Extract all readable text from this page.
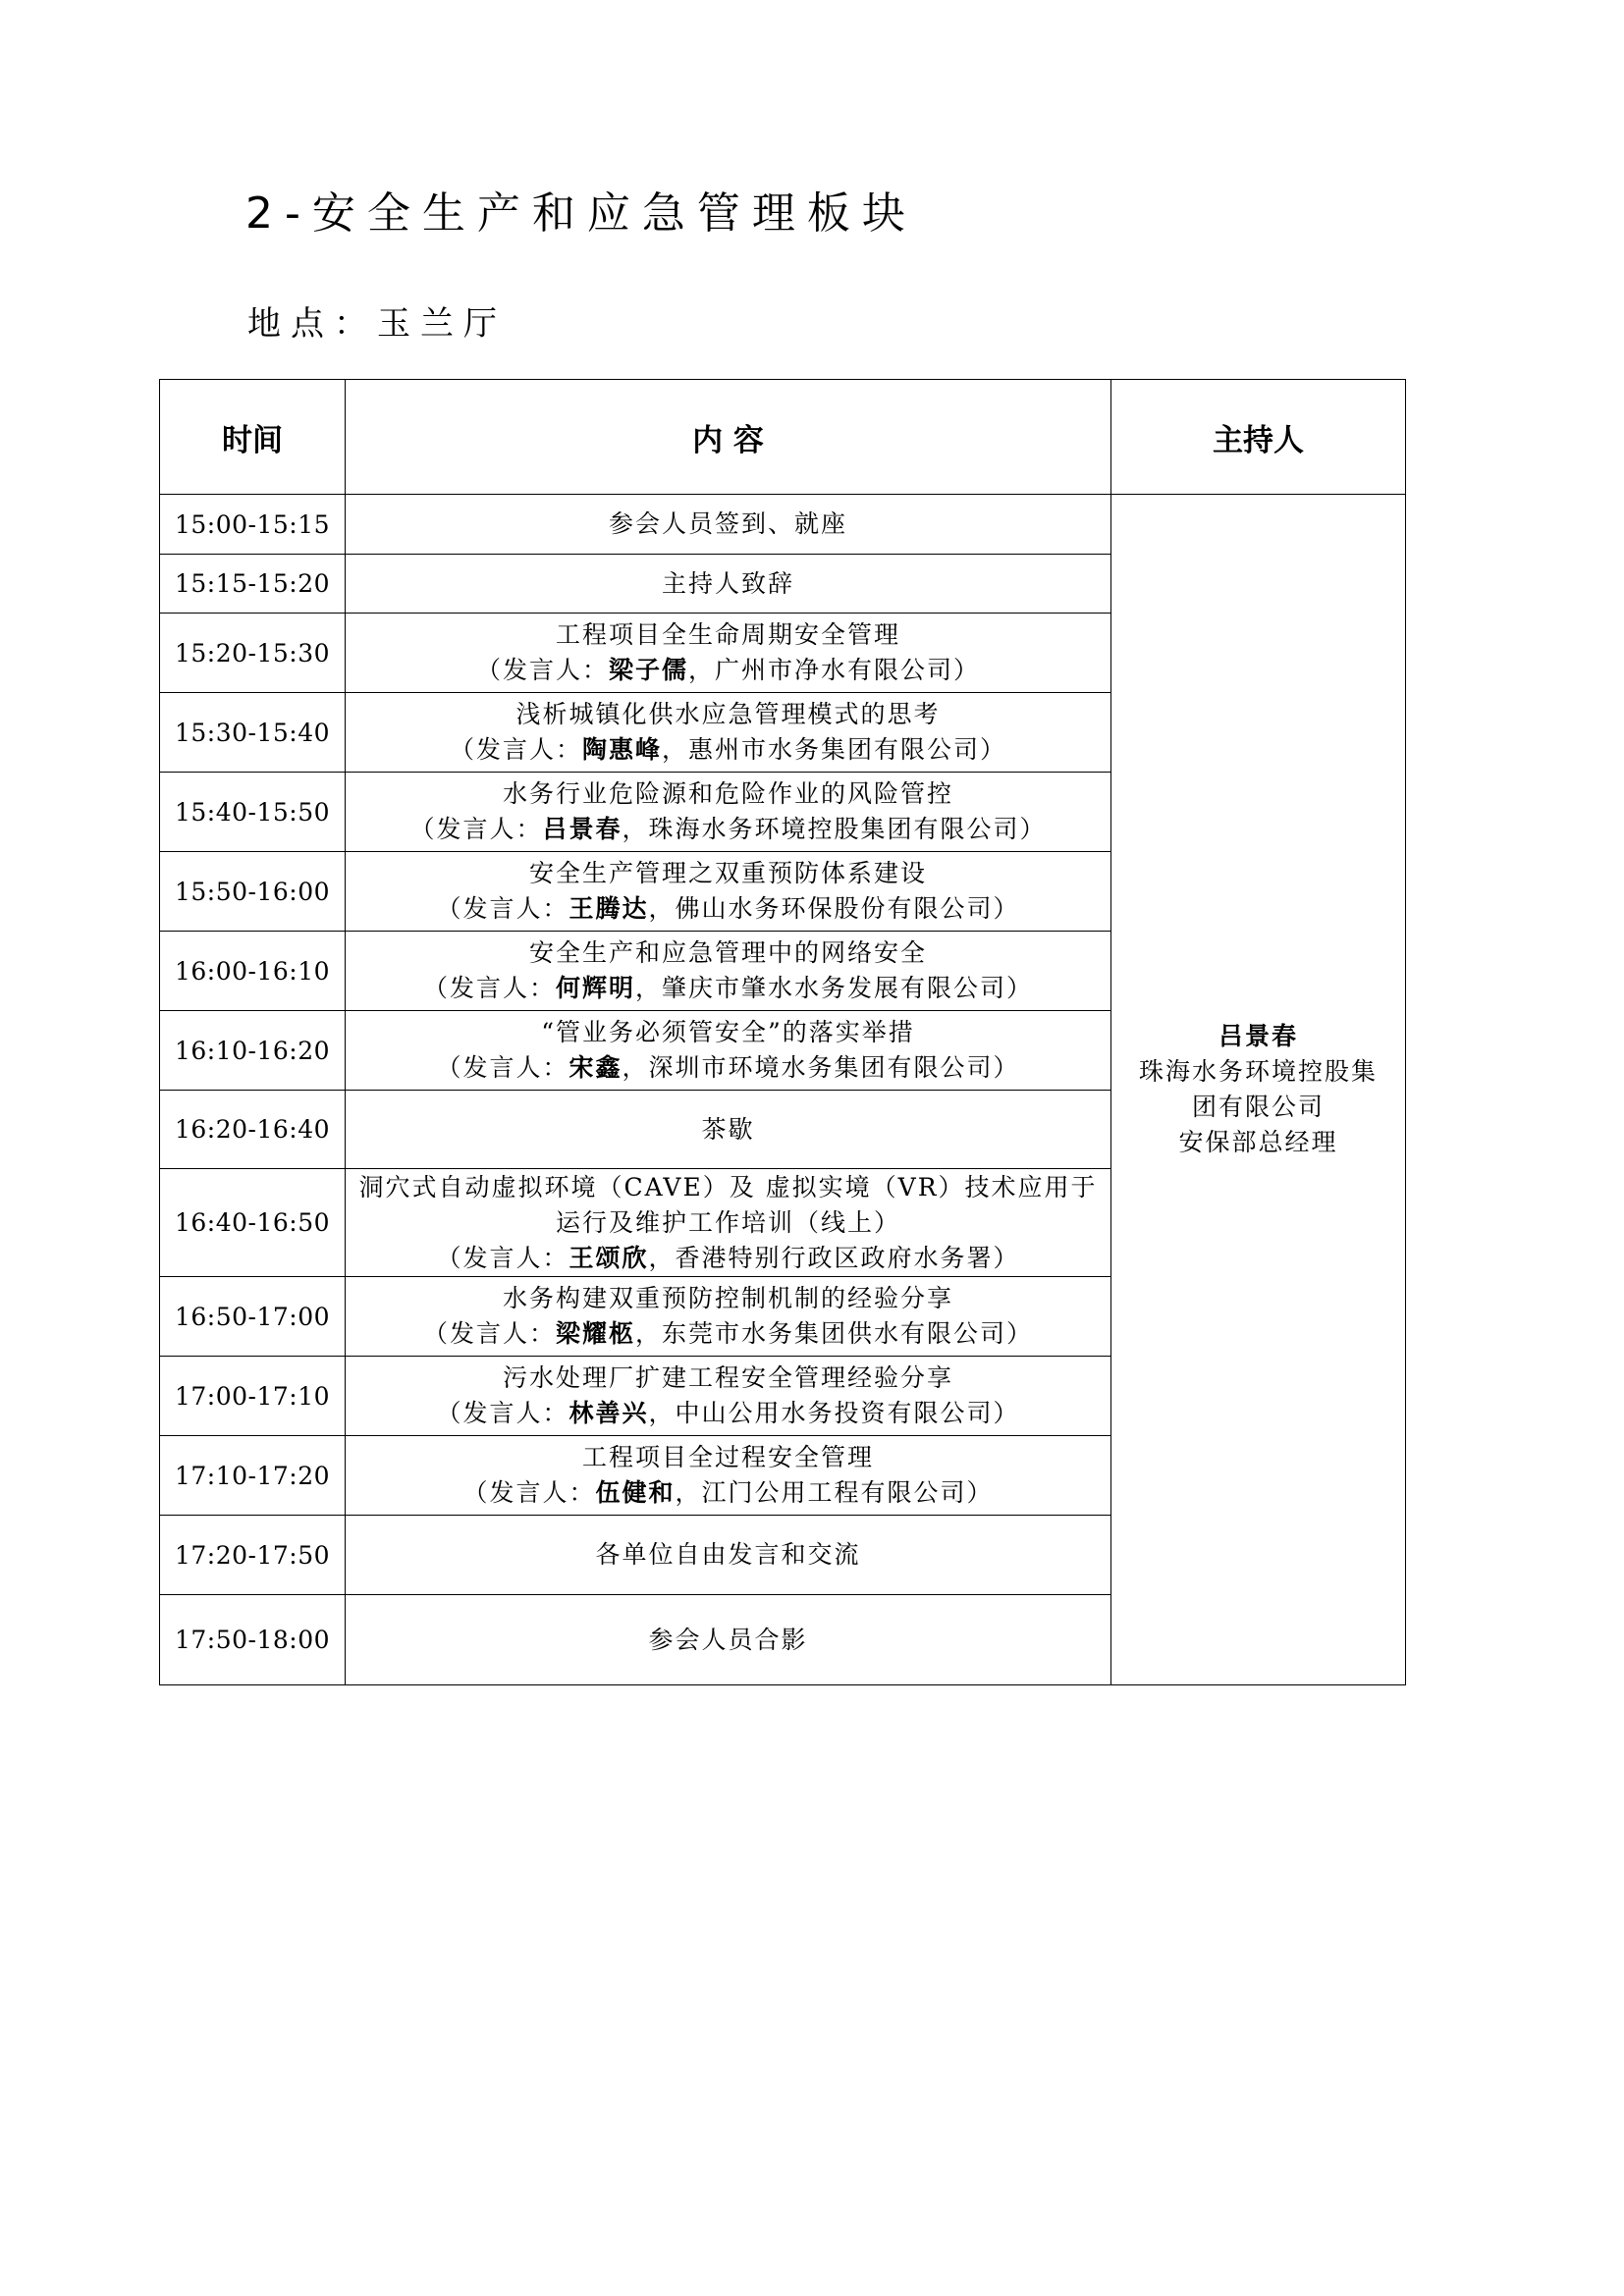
2-安全生产和应急管理板块
地点：玉兰厅
时间	内 容	主持人
15:00-15:15	参会人员签到、就座	吕景春
珠海水务环境控股集
团有限公司
安保部总经理

15:15-15:20	主持人致辞	

15:20-15:30	工程项目全生命周期安全管理
（发言人：梁子儒，广州市净水有限公司）	

15:30-15:40	浅析城镇化供水应急管理模式的思考
（发言人：陶惠峰，惠州市水务集团有限公司）	

15:40-15:50	水务行业危险源和危险作业的风险管控
（发言人：吕景春，珠海水务环境控股集团有限公司）	

15:50-16:00	安全生产管理之双重预防体系建设
（发言人：王腾达，佛山水务环保股份有限公司）	

16:00-16:10	安全生产和应急管理中的网络安全
（发言人：何辉明，肇庆市肇水水务发展有限公司）	

16:10-16:20	“管业务必须管安全”的落实举措
（发言人：宋鑫，深圳市环境水务集团有限公司）	

16:20-16:40	茶歇	

16:40-16:50	洞穴式自动虚拟环境（CAVE）及 虚拟实境（VR）技术应用于
运行及维护工作培训（线上）
（发言人：王颂欣，香港特别行政区政府水务署）	

16:50-17:00	水务构建双重预防控制机制的经验分享
（发言人：梁耀柩，东莞市水务集团供水有限公司）	

17:00-17:10	污水处理厂扩建工程安全管理经验分享
（发言人：林善兴，中山公用水务投资有限公司）	

17:10-17:20	工程项目全过程安全管理
（发言人：伍健和，江门公用工程有限公司）	

17:20-17:50	各单位自由发言和交流	

17:50-18:00	参会人员合影	
